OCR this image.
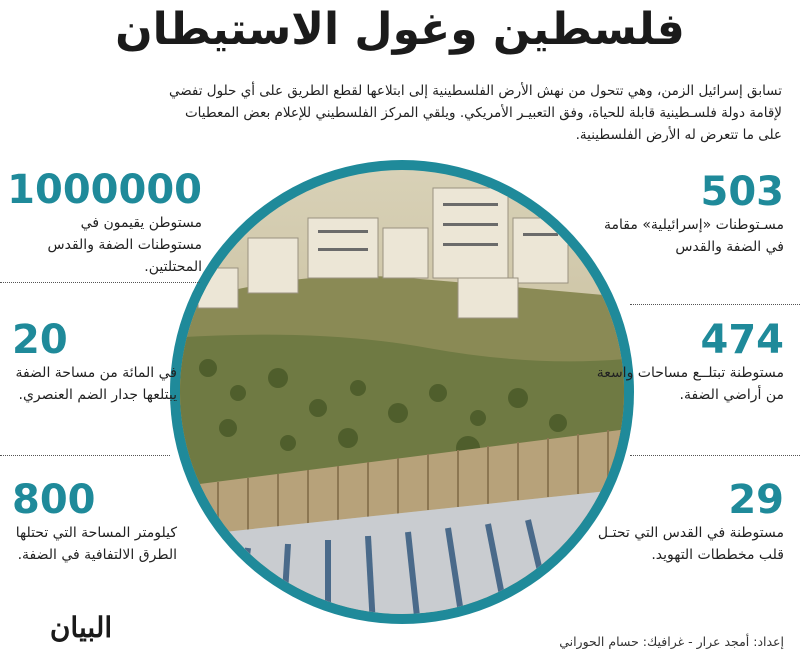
فلسطين وغول الاستيطان
تسابق إسرائيل الزمن، وهي تتحول من نهش الأرض الفلسطينية إلى ابتلاعها لقطع الطريق على أي حلول تفضي لإقامة دولة فلسـطينية قابلة للحياة، وفق التعبيـر الأمريكي. ويلقي المركز الفلسطيني للإعلام بعض المعطيات على ما تتعرض له الأرض الفلسطينية.
503
مسـتوطنات «إسرائيلية» مقامة في الضفة والقدس
474
مستوطنة تبتلــع مساحات واسعة من أراضي الضفة.
29
مستوطنة في القدس التي تحتـل قلب مخططات التهويد.
1000000
مستوطن يقيمون في مستوطنات الضفة والقدس المحتلتين.
20
في المائة من مساحة الضفة يبتلعها جدار الضم العنصري.
800
كيلومتر المساحة التي تحتلها الطرق الالتفافية في الضفة.
البيان	إعداد: أمجد عرار - غرافيك: حسام الحوراني
